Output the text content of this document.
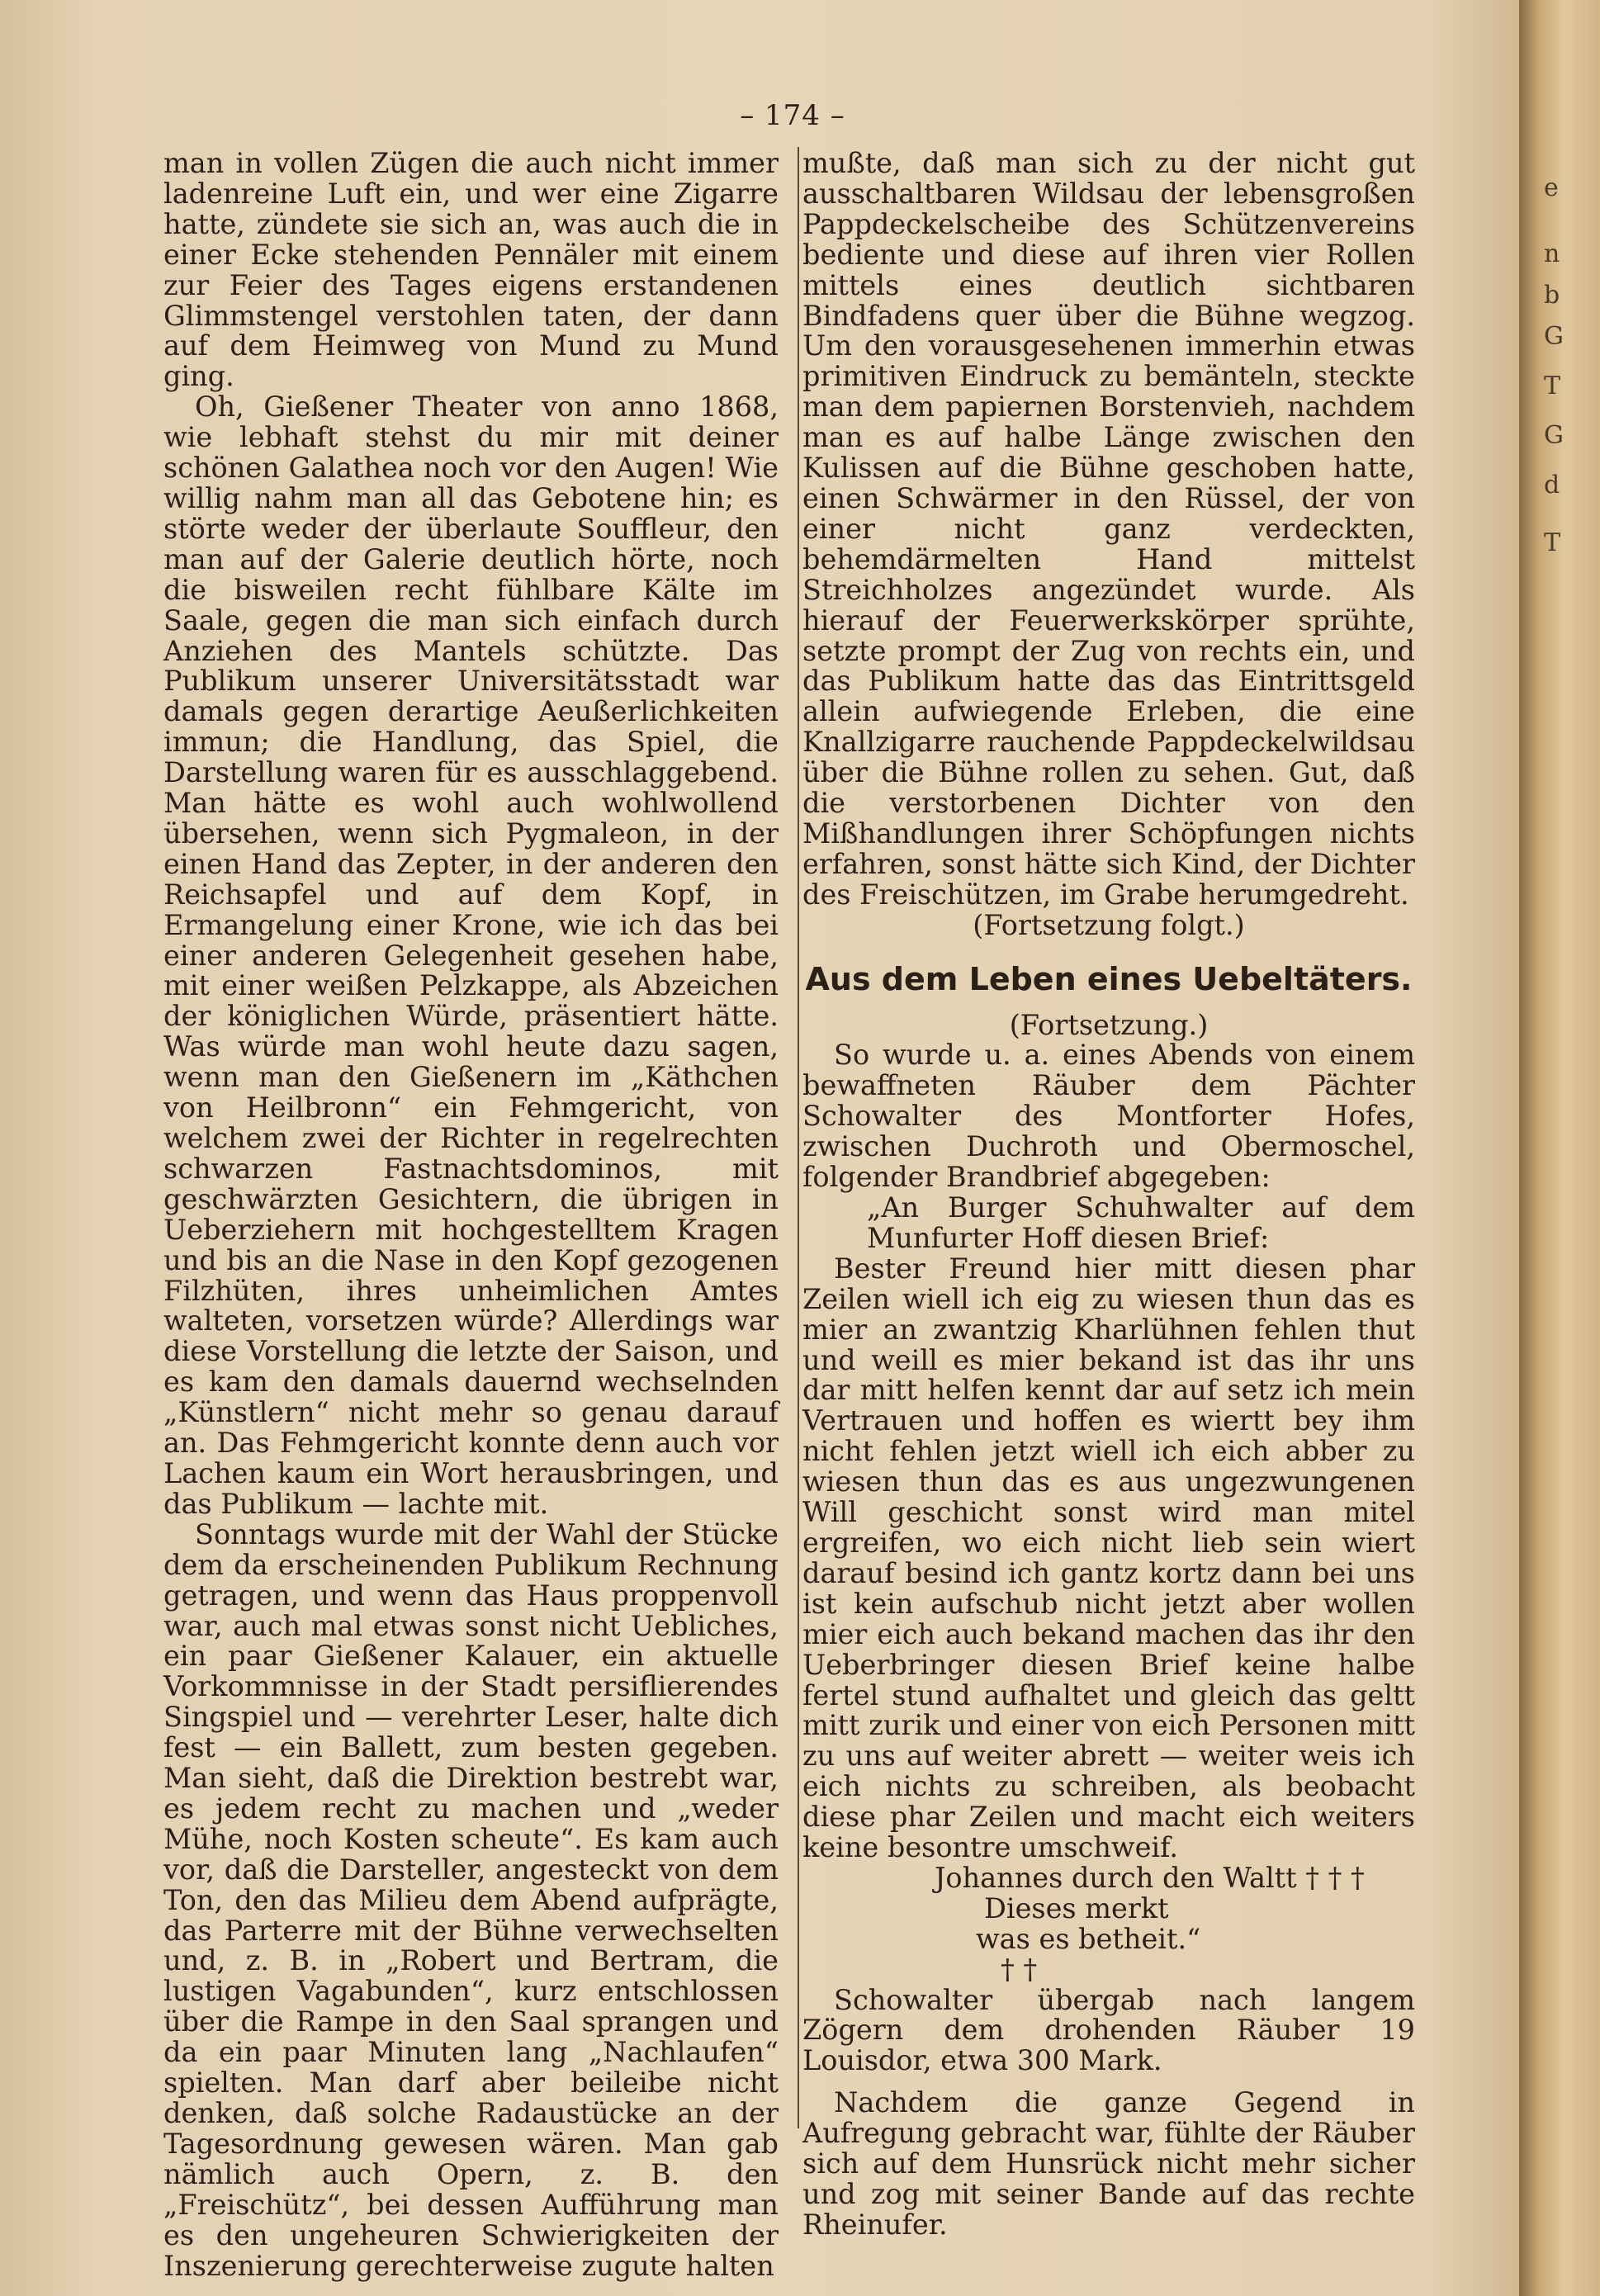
– 174 –

man in vollen Zügen die auch nicht immer ladenreine Luft ein, und wer eine Zigarre hatte, zündete sie sich an, was auch die in einer Ecke stehenden Pennäler mit einem zur Feier des Tages eigens erstandenen Glimmstengel verstohlen taten, der dann auf dem Heimweg von Mund zu Mund ging.

Oh, Gießener Theater von anno 1868, wie lebhaft stehst du mir mit deiner schönen Galathea noch vor den Augen! Wie willig nahm man all das Gebotene hin; es störte weder der überlaute Souffleur, den man auf der Galerie deutlich hörte, noch die bisweilen recht fühlbare Kälte im Saale, gegen die man sich einfach durch Anziehen des Mantels schützte. Das Publikum unserer Universitätsstadt war damals gegen derartige Aeußerlichkeiten immun; die Handlung, das Spiel, die Darstellung waren für es ausschlaggebend. Man hätte es wohl auch wohlwollend übersehen, wenn sich Pygmaleon, in der einen Hand das Zepter, in der anderen den Reichsapfel und auf dem Kopf, in Ermangelung einer Krone, wie ich das bei einer anderen Gelegenheit gesehen habe, mit einer weißen Pelzkappe, als Abzeichen der königlichen Würde, präsentiert hätte. Was würde man wohl heute dazu sagen, wenn man den Gießenern im „Käthchen von Heilbronn“ ein Fehmgericht, von welchem zwei der Richter in regelrechten schwarzen Fastnachtsdominos, mit geschwärzten Gesichtern, die übrigen in Ueberziehern mit hochgestelltem Kragen und bis an die Nase in den Kopf gezogenen Filzhüten, ihres unheimlichen Amtes walteten, vorsetzen würde? Allerdings war diese Vorstellung die letzte der Saison, und es kam den damals dauernd wechselnden „Künstlern“ nicht mehr so genau darauf an. Das Fehmgericht konnte denn auch vor Lachen kaum ein Wort herausbringen, und das Publikum — lachte mit.

Sonntags wurde mit der Wahl der Stücke dem da erscheinenden Publikum Rechnung getragen, und wenn das Haus proppenvoll war, auch mal etwas sonst nicht Uebliches, ein paar Gießener Kalauer, ein aktuelle Vorkommnisse in der Stadt persiflierendes Singspiel und — verehrter Leser, halte dich fest — ein Ballett, zum besten gegeben. Man sieht, daß die Direktion bestrebt war, es jedem recht zu machen und „weder Mühe, noch Kosten scheute“. Es kam auch vor, daß die Darsteller, angesteckt von dem Ton, den das Milieu dem Abend aufprägte, das Parterre mit der Bühne verwechselten und, z. B. in „Robert und Bertram, die lustigen Vagabunden“, kurz entschlossen über die Rampe in den Saal sprangen und da ein paar Minuten lang „Nachlaufen“ spielten. Man darf aber beileibe nicht denken, daß solche Radaustücke an der Tagesordnung gewesen wären. Man gab nämlich auch Opern, z. B. den „Freischütz“, bei dessen Aufführung man es den ungeheuren Schwierigkeiten der Inszenierung gerechterweise zugute halten

mußte, daß man sich zu der nicht gut ausschaltbaren Wildsau der lebensgroßen Pappdeckelscheibe des Schützenvereins bediente und diese auf ihren vier Rollen mittels eines deutlich sichtbaren Bindfadens quer über die Bühne wegzog. Um den vorausgesehenen immerhin etwas primitiven Eindruck zu bemänteln, steckte man dem papiernen Borstenvieh, nachdem man es auf halbe Länge zwischen den Kulissen auf die Bühne geschoben hatte, einen Schwärmer in den Rüssel, der von einer nicht ganz verdeckten, behemdärmelten Hand mittelst Streichholzes angezündet wurde. Als hierauf der Feuerwerkskörper sprühte, setzte prompt der Zug von rechts ein, und das Publikum hatte das das Eintrittsgeld allein aufwiegende Erleben, die eine Knallzigarre rauchende Pappdeckelwildsau über die Bühne rollen zu sehen. Gut, daß die verstorbenen Dichter von den Mißhandlungen ihrer Schöpfungen nichts erfahren, sonst hätte sich Kind, der Dichter des Freischützen, im Grabe herumgedreht.

(Fortsetzung folgt.)

Aus dem Leben eines Uebeltäters.

(Fortsetzung.)

So wurde u. a. eines Abends von einem bewaffneten Räuber dem Pächter Schowalter des Montforter Hofes, zwischen Duchroth und Obermoschel, folgender Brandbrief abgegeben:

„An Burger Schuhwalter auf dem Munfurter Hoff diesen Brief:

Bester Freund hier mitt diesen phar Zeilen wiell ich eig zu wiesen thun das es mier an zwantzig Kharlühnen fehlen thut und weill es mier bekand ist das ihr uns dar mitt helfen kennt dar auf setz ich mein Vertrauen und hoffen es wiertt bey ihm nicht fehlen jetzt wiell ich eich abber zu wiesen thun das es aus ungezwungenen Will geschicht sonst wird man mitel ergreifen, wo eich nicht lieb sein wiert darauf besind ich gantz kortz dann bei uns ist kein aufschub nicht jetzt aber wollen mier eich auch bekand machen das ihr den Ueberbringer diesen Brief keine halbe fertel stund aufhaltet und gleich das geltt mitt zurik und einer von eich Personen mitt zu uns auf weiter abrett — weiter weis ich eich nichts zu schreiben, als beobacht diese phar Zeilen und macht eich weiters keine besontre umschweif.

Johannes durch den Waltt † † †

Dieses merkt

was es betheit.“

† †

Schowalter übergab nach langem Zögern dem drohenden Räuber 19 Louisdor, etwa 300 Mark.

Nachdem die ganze Gegend in Aufregung gebracht war, fühlte der Räuber sich auf dem Hunsrück nicht mehr sicher und zog mit seiner Bande auf das rechte Rheinufer.

e
n
b
G
T
G
d
T
